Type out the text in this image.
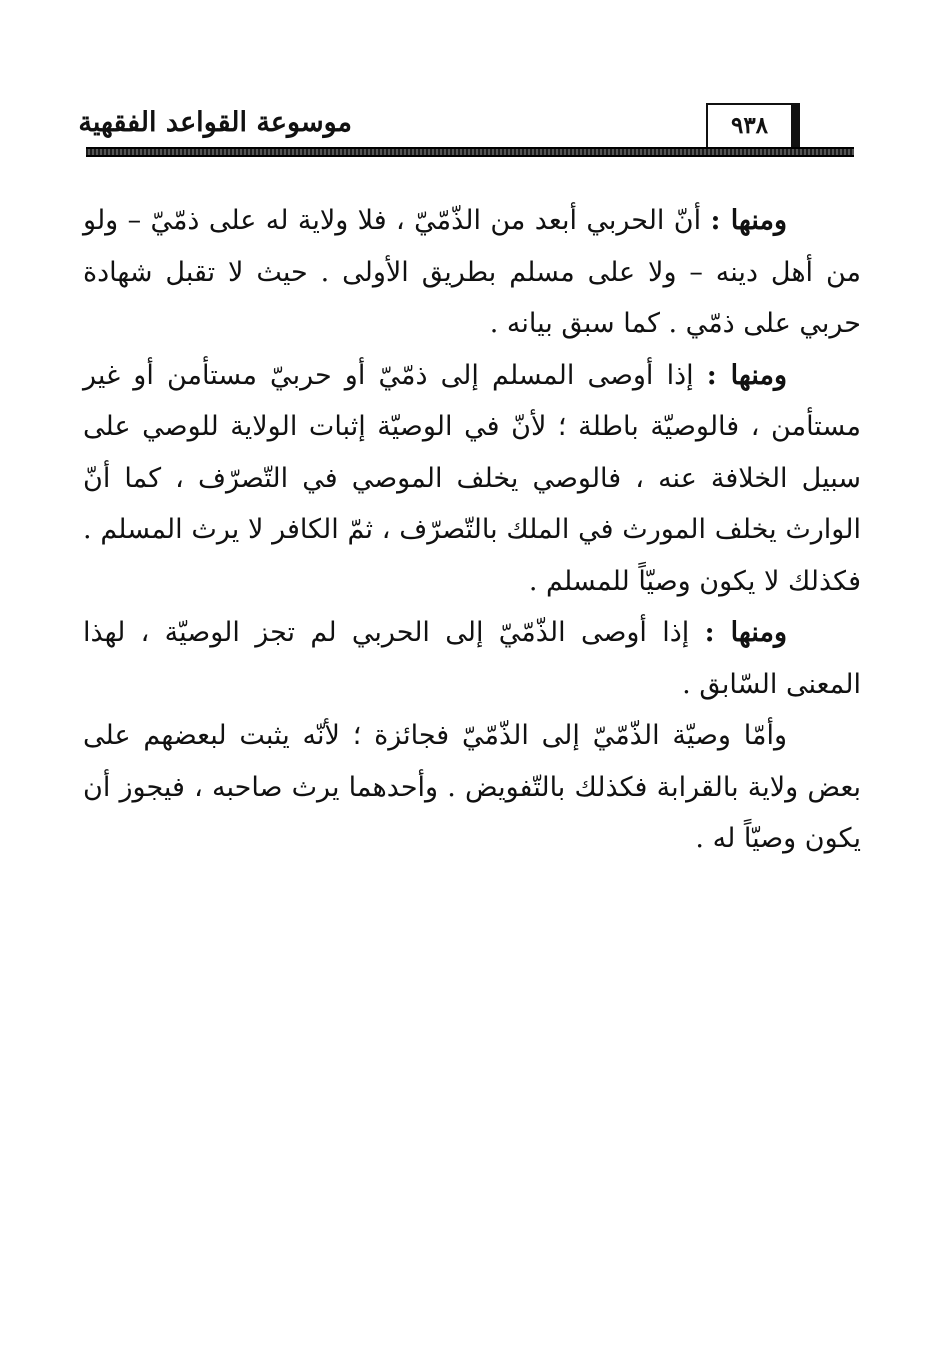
٩٣٨
موسوعة القواعد الفقهية

ومنها : أنّ الحربي أبعد من الذّمّيّ ، فلا ولاية له على ذمّيّ – ولو من أهل دينه – ولا على مسلم بطريق الأولى . حيث لا تقبل شهادة حربي على ذمّي . كما سبق بيانه .

ومنها : إذا أوصى المسلم إلى ذمّيّ أو حربيّ مستأمن أو غير مستأمن ، فالوصيّة باطلة ؛ لأنّ في الوصيّة إثبات الولاية للوصي على سبيل الخلافة عنه ، فالوصي يخلف الموصي في التّصرّف ، كما أنّ الوارث يخلف المورث في الملك بالتّصرّف ، ثمّ الكافر لا يرث المسلم . فكذلك لا يكون وصيّاً للمسلم .

ومنها : إذا أوصى الذّمّيّ إلى الحربي لم تجز الوصيّة ، لهذا المعنى السّابق .

وأمّا وصيّة الذّمّيّ إلى الذّمّيّ فجائزة ؛ لأنّه يثبت لبعضهم على بعض ولاية بالقرابة فكذلك بالتّفويض . وأحدهما يرث صاحبه ، فيجوز أن يكون وصيّاً له .
